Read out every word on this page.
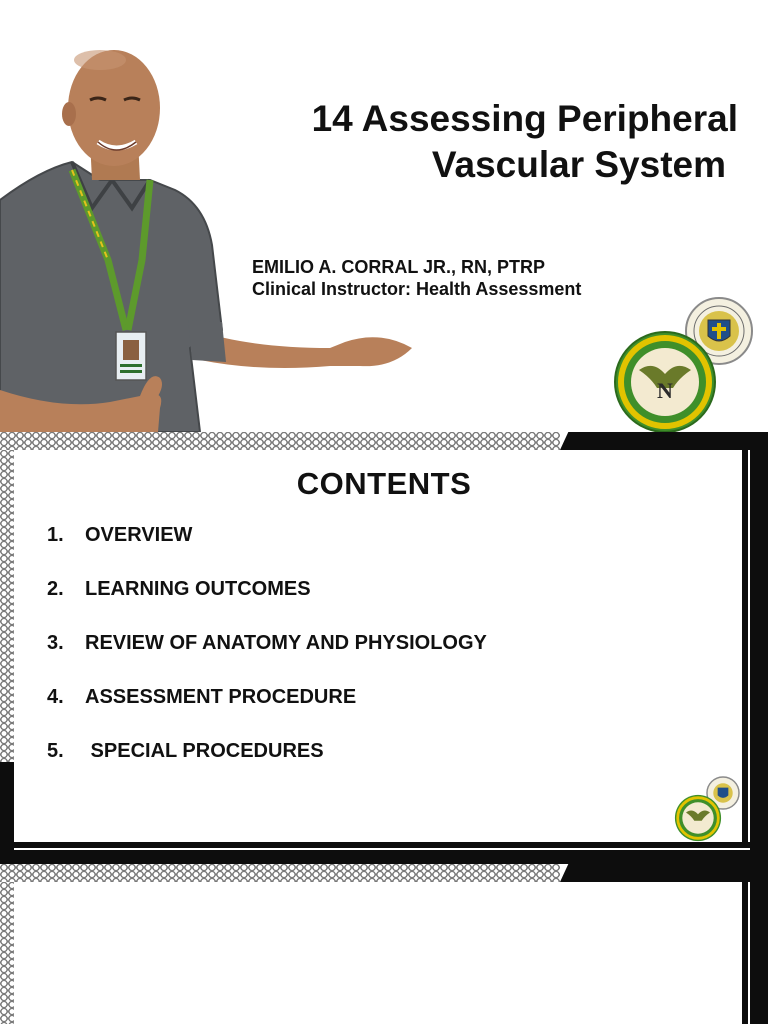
14 Assessing Peripheral
Vascular System
EMILIO A. CORRAL JR., RN, PTRP
Clinical Instructor: Health Assessment
N
CONTENTS
1. OVERVIEW
2. LEARNING OUTCOMES
3. REVIEW OF ANATOMY AND PHYSIOLOGY
4. ASSESSMENT PROCEDURE
5. SPECIAL PROCEDURES
